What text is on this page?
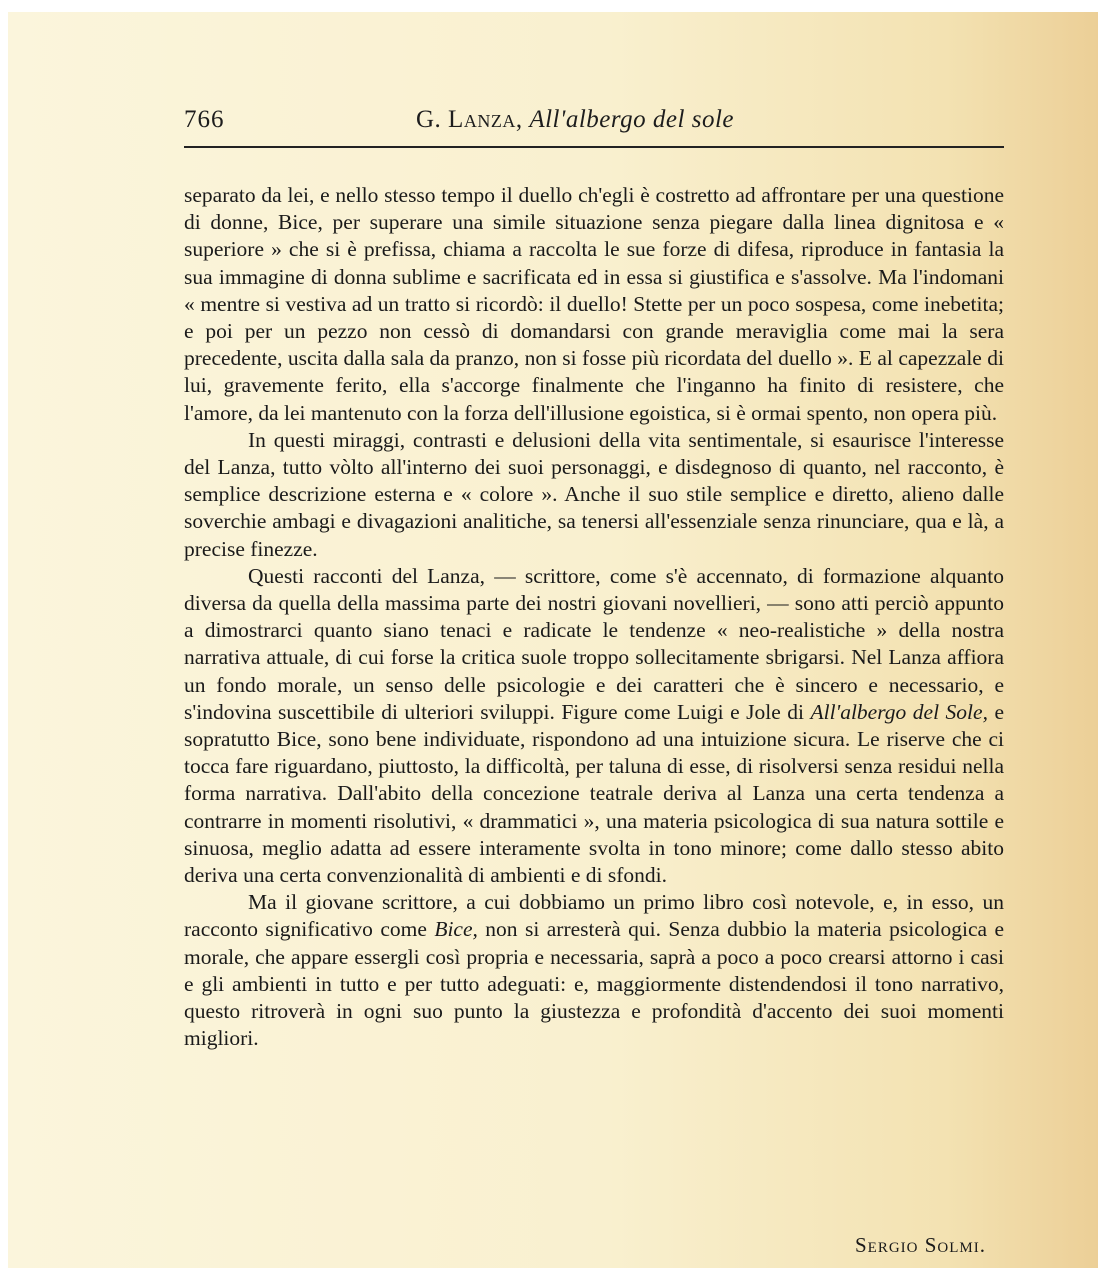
766	G. Lanza, All'albergo del sole

separato da lei, e nello stesso tempo il duello ch'egli è costretto ad affrontare per una questione di donne, Bice, per superare una simile situazione senza piegare dalla linea dignitosa e « superiore » che si è prefissa, chiama a raccolta le sue forze di difesa, riproduce in fantasia la sua immagine di donna sublime e sacrificata ed in essa si giustifica e s'assolve. Ma l'indomani « mentre si vestiva ad un tratto si ricordò: il duello! Stette per un poco sospesa, come inebetita; e poi per un pezzo non cessò di domandarsi con grande meraviglia come mai la sera precedente, uscita dalla sala da pranzo, non si fosse più ricordata del duello ». E al capezzale di lui, gravemente ferito, ella s'accorge finalmente che l'inganno ha finito di resistere, che l'amore, da lei mantenuto con la forza dell'illusione egoistica, si è ormai spento, non opera più.

In questi miraggi, contrasti e delusioni della vita sentimentale, si esaurisce l'interesse del Lanza, tutto vòlto all'interno dei suoi personaggi, e disdegnoso di quanto, nel racconto, è semplice descrizione esterna e « colore ». Anche il suo stile semplice e diretto, alieno dalle soverchie ambagi e divagazioni analitiche, sa tenersi all'essenziale senza rinunciare, qua e là, a precise finezze.

Questi racconti del Lanza, — scrittore, come s'è accennato, di formazione alquanto diversa da quella della massima parte dei nostri giovani novellieri, — sono atti perciò appunto a dimostrarci quanto siano tenaci e radicate le tendenze « neo-realistiche » della nostra narrativa attuale, di cui forse la critica suole troppo sollecitamente sbrigarsi. Nel Lanza affiora un fondo morale, un senso delle psicologie e dei caratteri che è sincero e necessario, e s'indovina suscettibile di ulteriori sviluppi. Figure come Luigi e Jole di All'albergo del Sole, e sopratutto Bice, sono bene individuate, rispondono ad una intuizione sicura. Le riserve che ci tocca fare riguardano, piuttosto, la difficoltà, per taluna di esse, di risolversi senza residui nella forma narrativa. Dall'abito della concezione teatrale deriva al Lanza una certa tendenza a contrarre in momenti risolutivi, « drammatici », una materia psicologica di sua natura sottile e sinuosa, meglio adatta ad essere interamente svolta in tono minore; come dallo stesso abito deriva una certa convenzionalità di ambienti e di sfondi.

Ma il giovane scrittore, a cui dobbiamo un primo libro così notevole, e, in esso, un racconto significativo come Bice, non si arresterà qui. Senza dubbio la materia psicologica e morale, che appare essergli così propria e necessaria, saprà a poco a poco crearsi attorno i casi e gli ambienti in tutto e per tutto adeguati: e, maggiormente distendendosi il tono narrativo, questo ritroverà in ogni suo punto la giustezza e profondità d'accento dei suoi momenti migliori.

Sergio Solmi.
